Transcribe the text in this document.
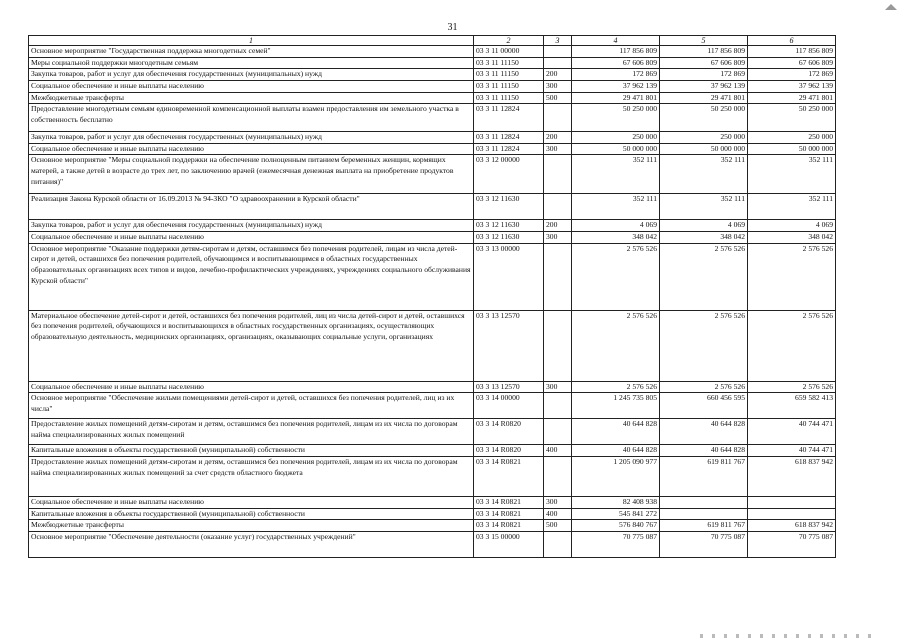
31
1	2	3	4	5	6
Основное мероприятие "Государственная поддержка многодетных семей"	03 3 11 00000		117 856 809	117 856 809	117 856 809
Меры социальной поддержки многодетным семьям	03 3 11 11150		67 606 809	67 606 809	67 606 809
Закупка товаров, работ и услуг для обеспечения государственных (муниципальных) нужд	03 3 11 11150	200	172 869	172 869	172 869
Социальное обеспечение и иные выплаты населению	03 3 11 11150	300	37 962 139	37 962 139	37 962 139
Межбюджетные трансферты	03 3 11 11150	500	29 471 801	29 471 801	29 471 801
Предоставление многодетным семьям единовременной компенсационной выплаты взамен предоставления им земельного участка в собственность бесплатно	03 3 11 12824		50 250 000	50 250 000	50 250 000
Закупка товаров, работ и услуг для обеспечения государственных (муниципальных) нужд	03 3 11 12824	200	250 000	250 000	250 000
Социальное обеспечение и иные выплаты населению	03 3 11 12824	300	50 000 000	50 000 000	50 000 000
Основное мероприятие "Меры социальной поддержки на обеспечение полноценным питанием беременных женщин, кормящих матерей, а также детей в возрасте до трех лет, по заключению врачей (ежемесячная денежная выплата на приобретение продуктов питания)"	03 3 12 00000		352 111	352 111	352 111
Реализация Закона Курской области от 16.09.2013 № 94-ЗКО "О здравоохранении в Курской области"	03 3 12 11630		352 111	352 111	352 111
Закупка товаров, работ и услуг для обеспечения государственных (муниципальных) нужд	03 3 12 11630	200	4 069	4 069	4 069
Социальное обеспечение и иные выплаты населению	03 3 12 11630	300	348 042	348 042	348 042
Основное мероприятие "Оказание поддержки детям-сиротам и детям, оставшимся без попечения родителей, лицам из числа детей-сирот и детей, оставшихся без попечения родителей, обучающимся и воспитывающимся в областных государственных образовательных организациях всех типов и видов, лечебно-профилактических учреждениях, учреждениях социального обслуживания Курской области"	03 3 13 00000		2 576 526	2 576 526	2 576 526
Материальное обеспечение детей-сирот и детей, оставшихся без попечения родителей, лиц из числа детей-сирот и детей, оставшихся без попечения родителей, обучающихся и воспитывающихся в областных государственных организациях, осуществляющих образовательную деятельность, медицинских организациях, организациях, оказывающих социальные услуги, организациях	03 3 13 12570		2 576 526	2 576 526	2 576 526
Социальное обеспечение и иные выплаты населению	03 3 13 12570	300	2 576 526	2 576 526	2 576 526
Основное мероприятие "Обеспечение жильми помещениями детей-сирот и детей, оставшихся без попечения родителей, лиц из их числа"	03 3 14 00000		1 245 735 805	660 456 595	659 582 413
Предоставление жилых помещений детям-сиротам и детям, оставшимся без попечения родителей, лицам из их числа по договорам найма специализированных жилых помещений	03 3 14 R0820		40 644 828	40 644 828	40 744 471
Капитальные вложения в объекты государственной (муниципальной) собственности	03 3 14 R0820	400	40 644 828	40 644 828	40 744 471
Предоставление жилых помещений детям-сиротам и детям, оставшимся без попечения родителей, лицам из их числа по договорам найма специализированных жилых помещений за счет средств областного бюджета	03 3 14 R0821		1 205 090 977	619 811 767	618 837 942
Социальное обеспечение и иные выплаты населению	03 3 14 R0821	300	82 408 938		
Капитальные вложения в объекты государственной (муниципальной) собственности	03 3 14 R0821	400	545 841 272		
Межбюджетные трансферты	03 3 14 R0821	500	576 840 767	619 811 767	618 837 942
Основное мероприятие "Обеспечение деятельности (оказание услуг) государственных учреждений"	03 3 15 00000		70 775 087	70 775 087	70 775 087
